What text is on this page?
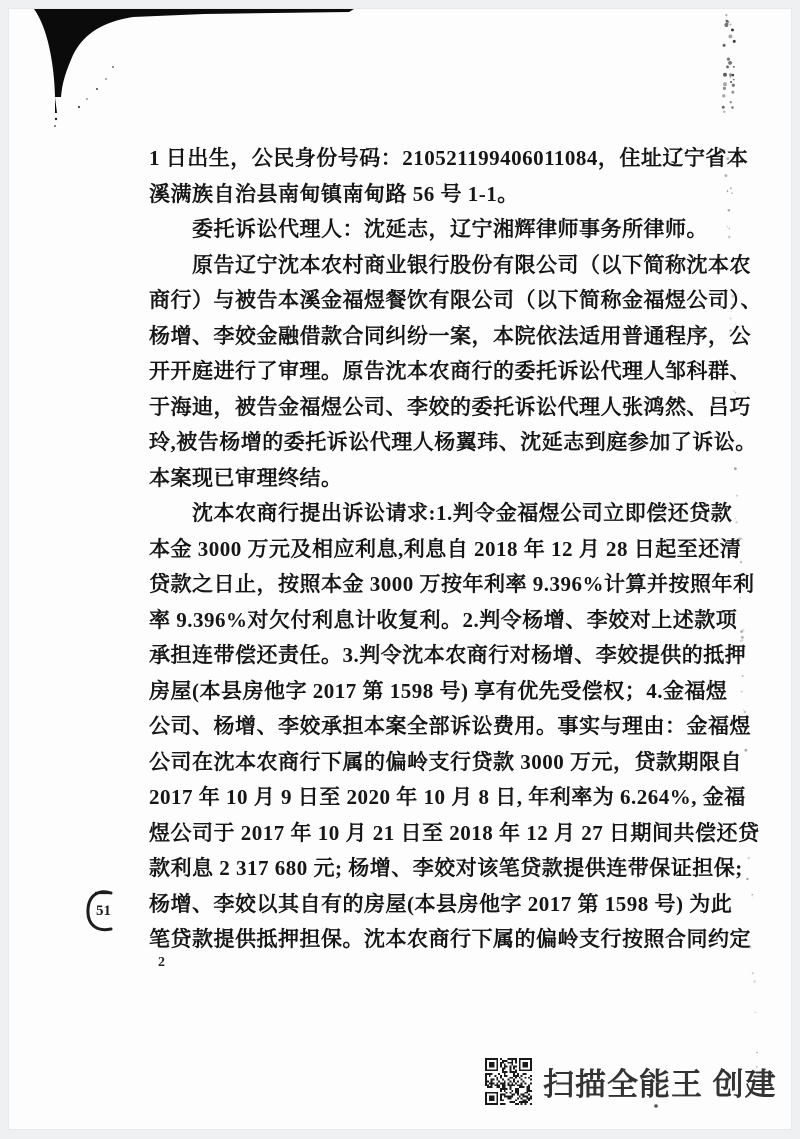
51
1 日出生，公民身份号码：210521199406011084，住址辽宁省本
溪满族自治县南甸镇南甸路 56 号 1-1。
委托诉讼代理人：沈延志，辽宁湘辉律师事务所律师。
原告辽宁沈本农村商业银行股份有限公司（以下简称沈本农
商行）与被告本溪金福煜餐饮有限公司（以下简称金福煜公司）、
杨增、李姣金融借款合同纠纷一案，本院依法适用普通程序，公
开开庭进行了审理。原告沈本农商行的委托诉讼代理人邹科群、
于海迪，被告金福煜公司、李姣的委托诉讼代理人张鸿然、吕巧
玲,被告杨增的委托诉讼代理人杨翼玮、沈延志到庭参加了诉讼。
本案现已审理终结。
沈本农商行提出诉讼请求:1.判令金福煜公司立即偿还贷款
本金 3000 万元及相应利息,利息自 2018 年 12 月 28 日起至还清
贷款之日止，按照本金 3000 万按年利率 9.396%计算并按照年利
率 9.396%对欠付利息计收复利。2.判令杨增、李姣对上述款项
承担连带偿还责任。3.判令沈本农商行对杨增、李姣提供的抵押
房屋(本县房他字 2017 第 1598 号) 享有优先受偿权；4.金福煜
公司、杨增、李姣承担本案全部诉讼费用。事实与理由：金福煜
公司在沈本农商行下属的偏岭支行贷款 3000 万元，贷款期限自
2017 年 10 月 9 日至 2020 年 10 月 8 日, 年利率为 6.264%, 金福
煜公司于 2017 年 10 月 21 日至 2018 年 12 月 27 日期间共偿还贷
款利息 2 317 680 元; 杨增、李姣对该笔贷款提供连带保证担保;
杨增、李姣以其自有的房屋(本县房他字 2017 第 1598 号) 为此
笔贷款提供抵押担保。沈本农商行下属的偏岭支行按照合同约定
2
扫描全能王 创建
